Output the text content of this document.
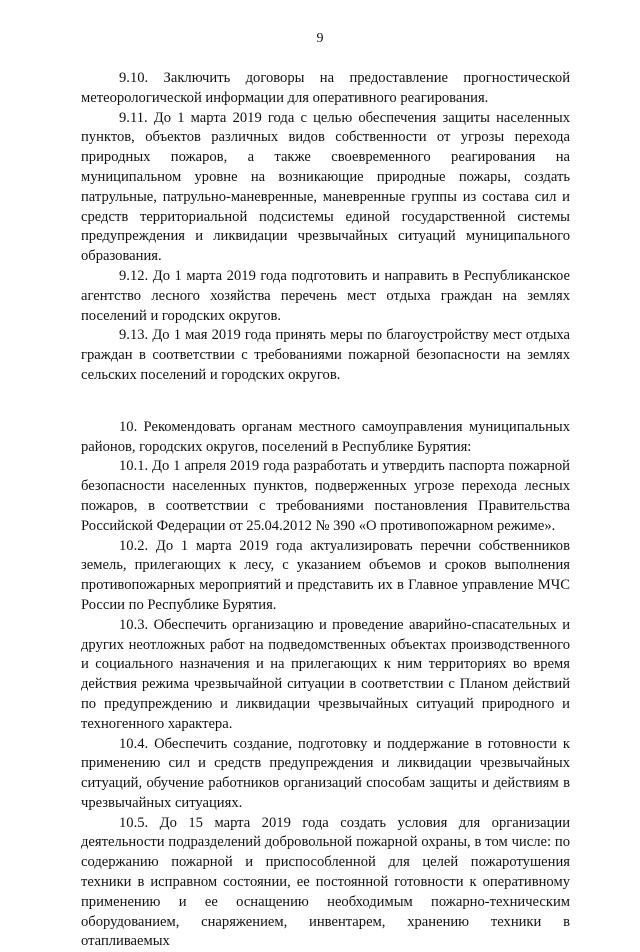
9

9.10. Заключить договоры на предоставление прогностической метеорологической информации для оперативного реагирования.

9.11. До 1 марта 2019 года с целью обеспечения защиты населенных пунктов, объектов различных видов собственности от угрозы перехода природных пожаров, а также своевременного реагирования на муниципальном уровне на возникающие природные пожары, создать патрульные, патрульно-маневренные, маневренные группы из состава сил и средств территориальной подсистемы единой государственной системы предупреждения и ликвидации чрезвычайных ситуаций муниципального образования.

9.12. До 1 марта 2019 года подготовить и направить в Республиканское агентство лесного хозяйства перечень мест отдыха граждан на землях поселений и городских округов.

9.13. До 1 мая 2019 года принять меры по благоустройству мест отдыха граждан в соответствии с требованиями пожарной безопасности на землях сельских поселений и городских округов.

10. Рекомендовать органам местного самоуправления муниципальных районов, городских округов, поселений в Республике Бурятия:

10.1. До 1 апреля 2019 года разработать и утвердить паспорта пожарной безопасности населенных пунктов, подверженных угрозе перехода лесных пожаров, в соответствии с требованиями постановления Правительства Российской Федерации от 25.04.2012 № 390 «О противопожарном режиме».

10.2. До 1 марта 2019 года актуализировать перечни собственников земель, прилегающих к лесу, с указанием объемов и сроков выполнения противопожарных мероприятий и представить их в Главное управление МЧС России по Республике Бурятия.

10.3. Обеспечить организацию и проведение аварийно-спасательных и других неотложных работ на подведомственных объектах производственного и социального назначения и на прилегающих к ним территориях во время действия режима чрезвычайной ситуации в соответствии с Планом действий по предупреждению и ликвидации чрезвычайных ситуаций природного и техногенного характера.

10.4. Обеспечить создание, подготовку и поддержание в готовности к применению сил и средств предупреждения и ликвидации чрезвычайных ситуаций, обучение работников организаций способам защиты и действиям в чрезвычайных ситуациях.

10.5. До 15 марта 2019 года создать условия для организации деятельности подразделений добровольной пожарной охраны, в том числе: по содержанию пожарной и приспособленной для целей пожаротушения техники в исправном состоянии, ее постоянной готовности к оперативному применению и ее оснащению необходимым пожарно-техническим оборудованием, снаряжением, инвентарем, хранению техники в отапливаемых
